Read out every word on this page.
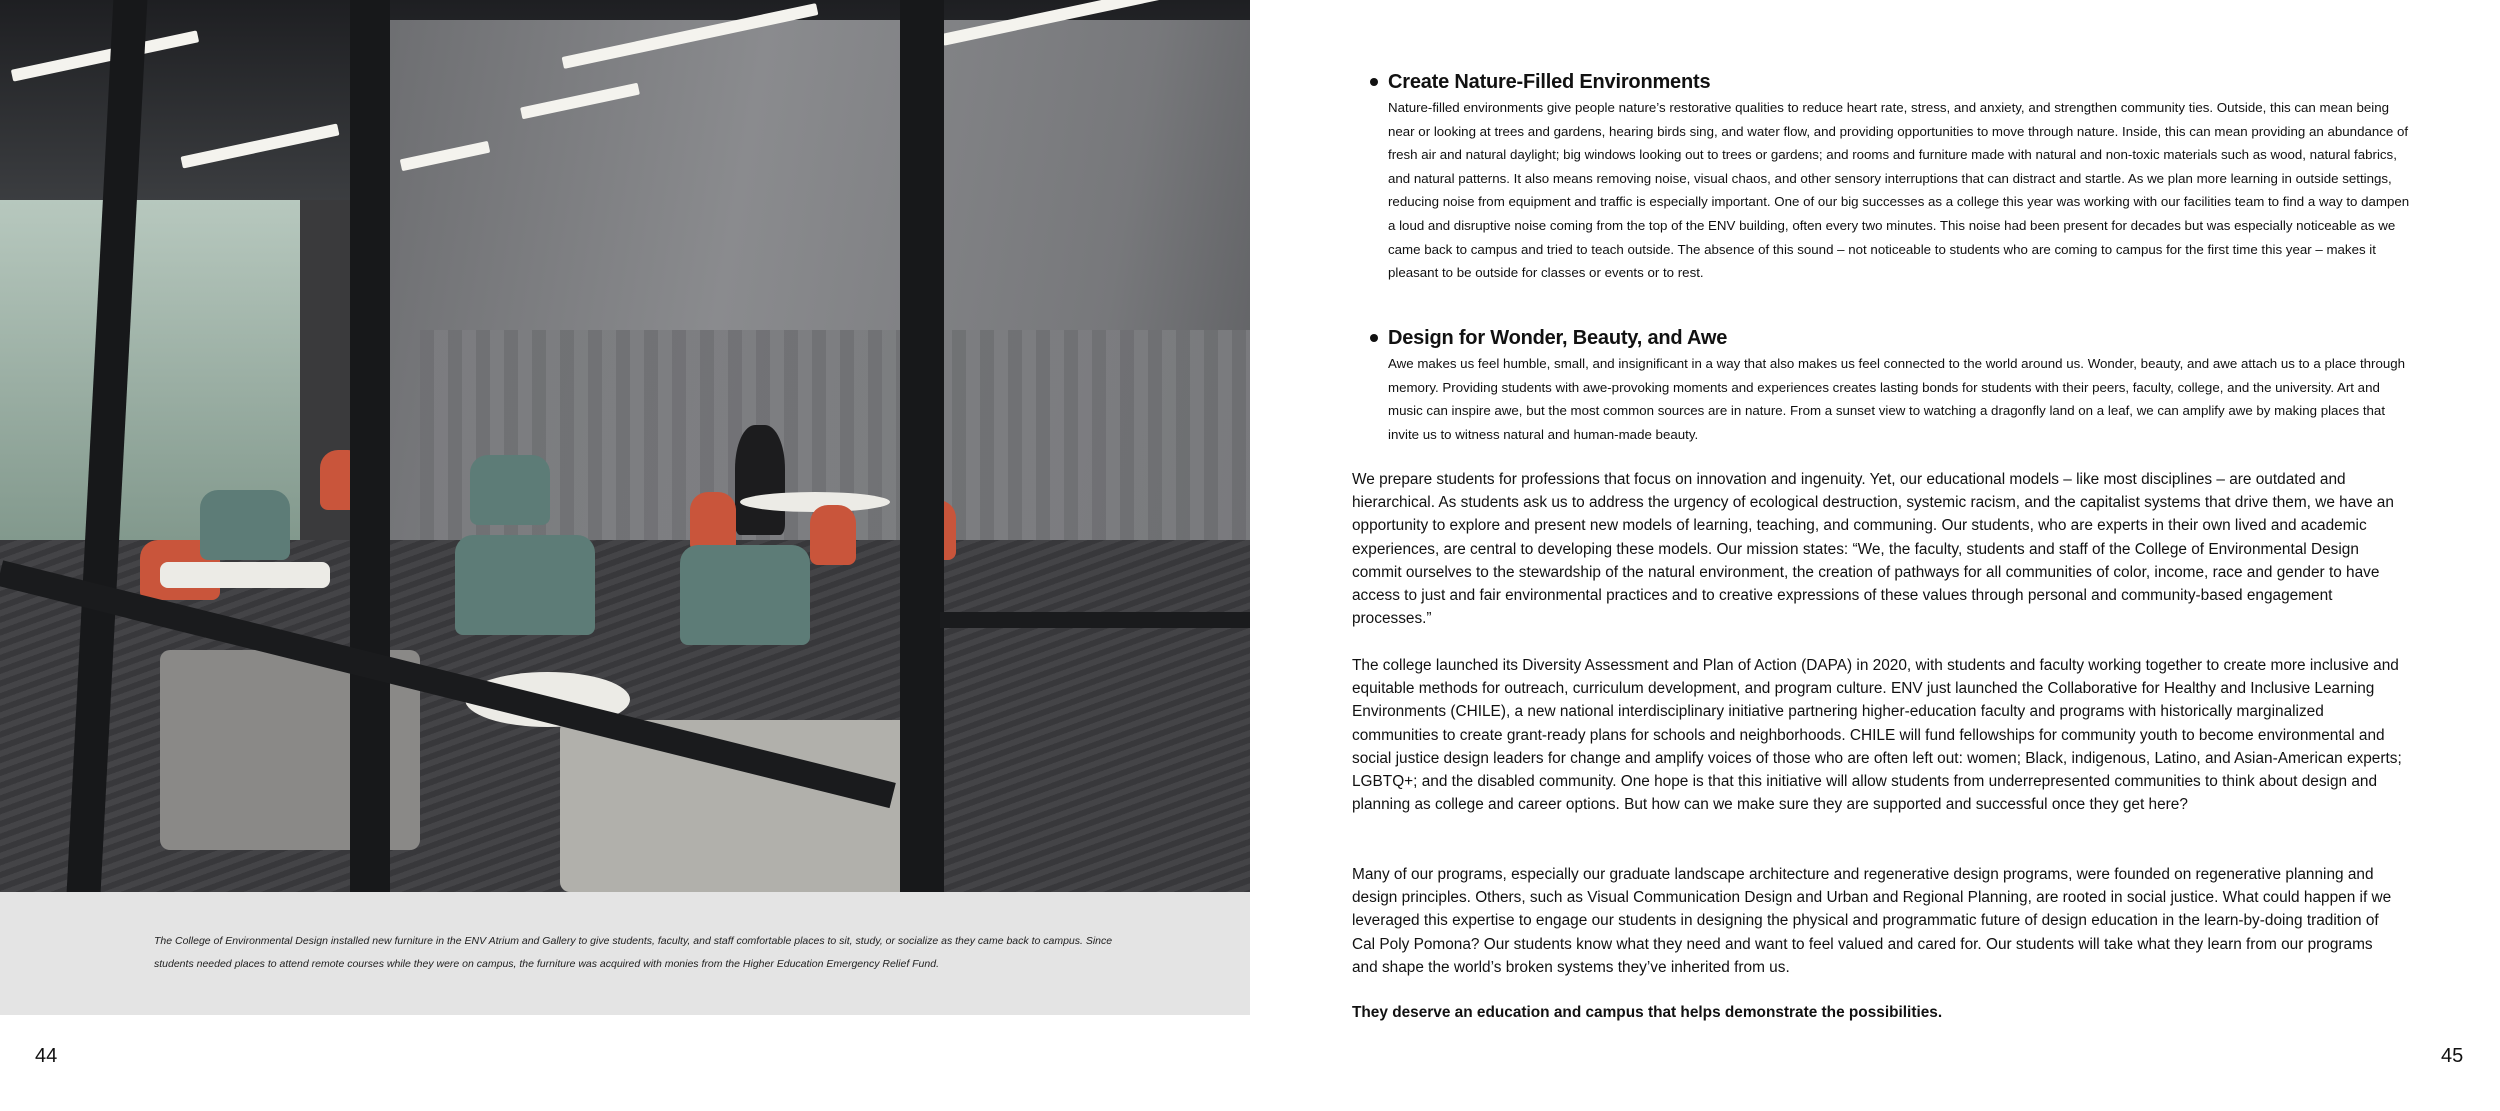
The College of Environmental Design installed new furniture in the ENV Atrium and Gallery to give students, faculty, and staff comfortable places to sit, study, or socialize as they came back to campus. Since students needed places to attend remote courses while they were on campus, the furniture was acquired with monies from the Higher Education Emergency Relief Fund.
44
Create Nature-Filled Environments

Nature-filled environments give people nature’s restorative qualities to reduce heart rate, stress, and anxiety, and strengthen community ties. Outside, this can mean being near or looking at trees and gardens, hearing birds sing, and water flow, and providing opportunities to move through nature. Inside, this can mean providing an abundance of fresh air and natural daylight; big windows looking out to trees or gardens; and rooms and furniture made with natural and non-toxic materials such as wood, natural fabrics, and natural patterns. It also means removing noise, visual chaos, and other sensory interruptions that can distract and startle. As we plan more learning in outside settings, reducing noise from equipment and traffic is especially important. One of our big successes as a college this year was working with our facilities team to find a way to dampen a loud and disruptive noise coming from the top of the ENV building, often every two minutes. This noise had been present for decades but was especially noticeable as we came back to campus and tried to teach outside. The absence of this sound – not noticeable to students who are coming to campus for the first time this year – makes it pleasant to be outside for classes or events or to rest.

Design for Wonder, Beauty, and Awe

Awe makes us feel humble, small, and insignificant in a way that also makes us feel connected to the world around us. Wonder, beauty, and awe attach us to a place through memory. Providing students with awe-provoking moments and experiences creates lasting bonds for students with their peers, faculty, college, and the university. Art and music can inspire awe, but the most common sources are in nature. From a sunset view to watching a dragonfly land on a leaf, we can amplify awe by making places that invite us to witness natural and human-made beauty.

We prepare students for professions that focus on innovation and ingenuity. Yet, our educational models – like most disciplines – are outdated and hierarchical. As students ask us to address the urgency of ecological destruction, systemic racism, and the capitalist systems that drive them, we have an opportunity to explore and present new models of learning, teaching, and communing. Our students, who are experts in their own lived and academic experiences, are central to developing these models. Our mission states: “We, the faculty, students and staff of the College of Environmental Design commit ourselves to the stewardship of the natural environment, the creation of pathways for all communities of color, income, race and gender to have access to just and fair environmental practices and to creative expressions of these values through personal and community-based engagement processes.”

The college launched its Diversity Assessment and Plan of Action (DAPA) in 2020, with students and faculty working together to create more inclusive and equitable methods for outreach, curriculum development, and program culture. ENV just launched the Collaborative for Healthy and Inclusive Learning Environments (CHILE), a new national interdisciplinary initiative partnering higher-education faculty and programs with historically marginalized communities to create grant-ready plans for schools and neighborhoods. CHILE will fund fellowships for community youth to become environmental and social justice design leaders for change and amplify voices of those who are often left out: women; Black, indigenous, Latino, and Asian-American experts; LGBTQ+; and the disabled community. One hope is that this initiative will allow students from underrepresented communities to think about design and planning as college and career options. But how can we make sure they are supported and successful once they get here?

Many of our programs, especially our graduate landscape architecture and regenerative design programs, were founded on regenerative planning and design principles. Others, such as Visual Communication Design and Urban and Regional Planning, are rooted in social justice. What could happen if we leveraged this expertise to engage our students in designing the physical and programmatic future of design education in the learn-by-doing tradition of Cal Poly Pomona? Our students know what they need and want to feel valued and cared for. Our students will take what they learn from our programs and shape the world’s broken systems they’ve inherited from us.

They deserve an education and campus that helps demonstrate the possibilities.

45
